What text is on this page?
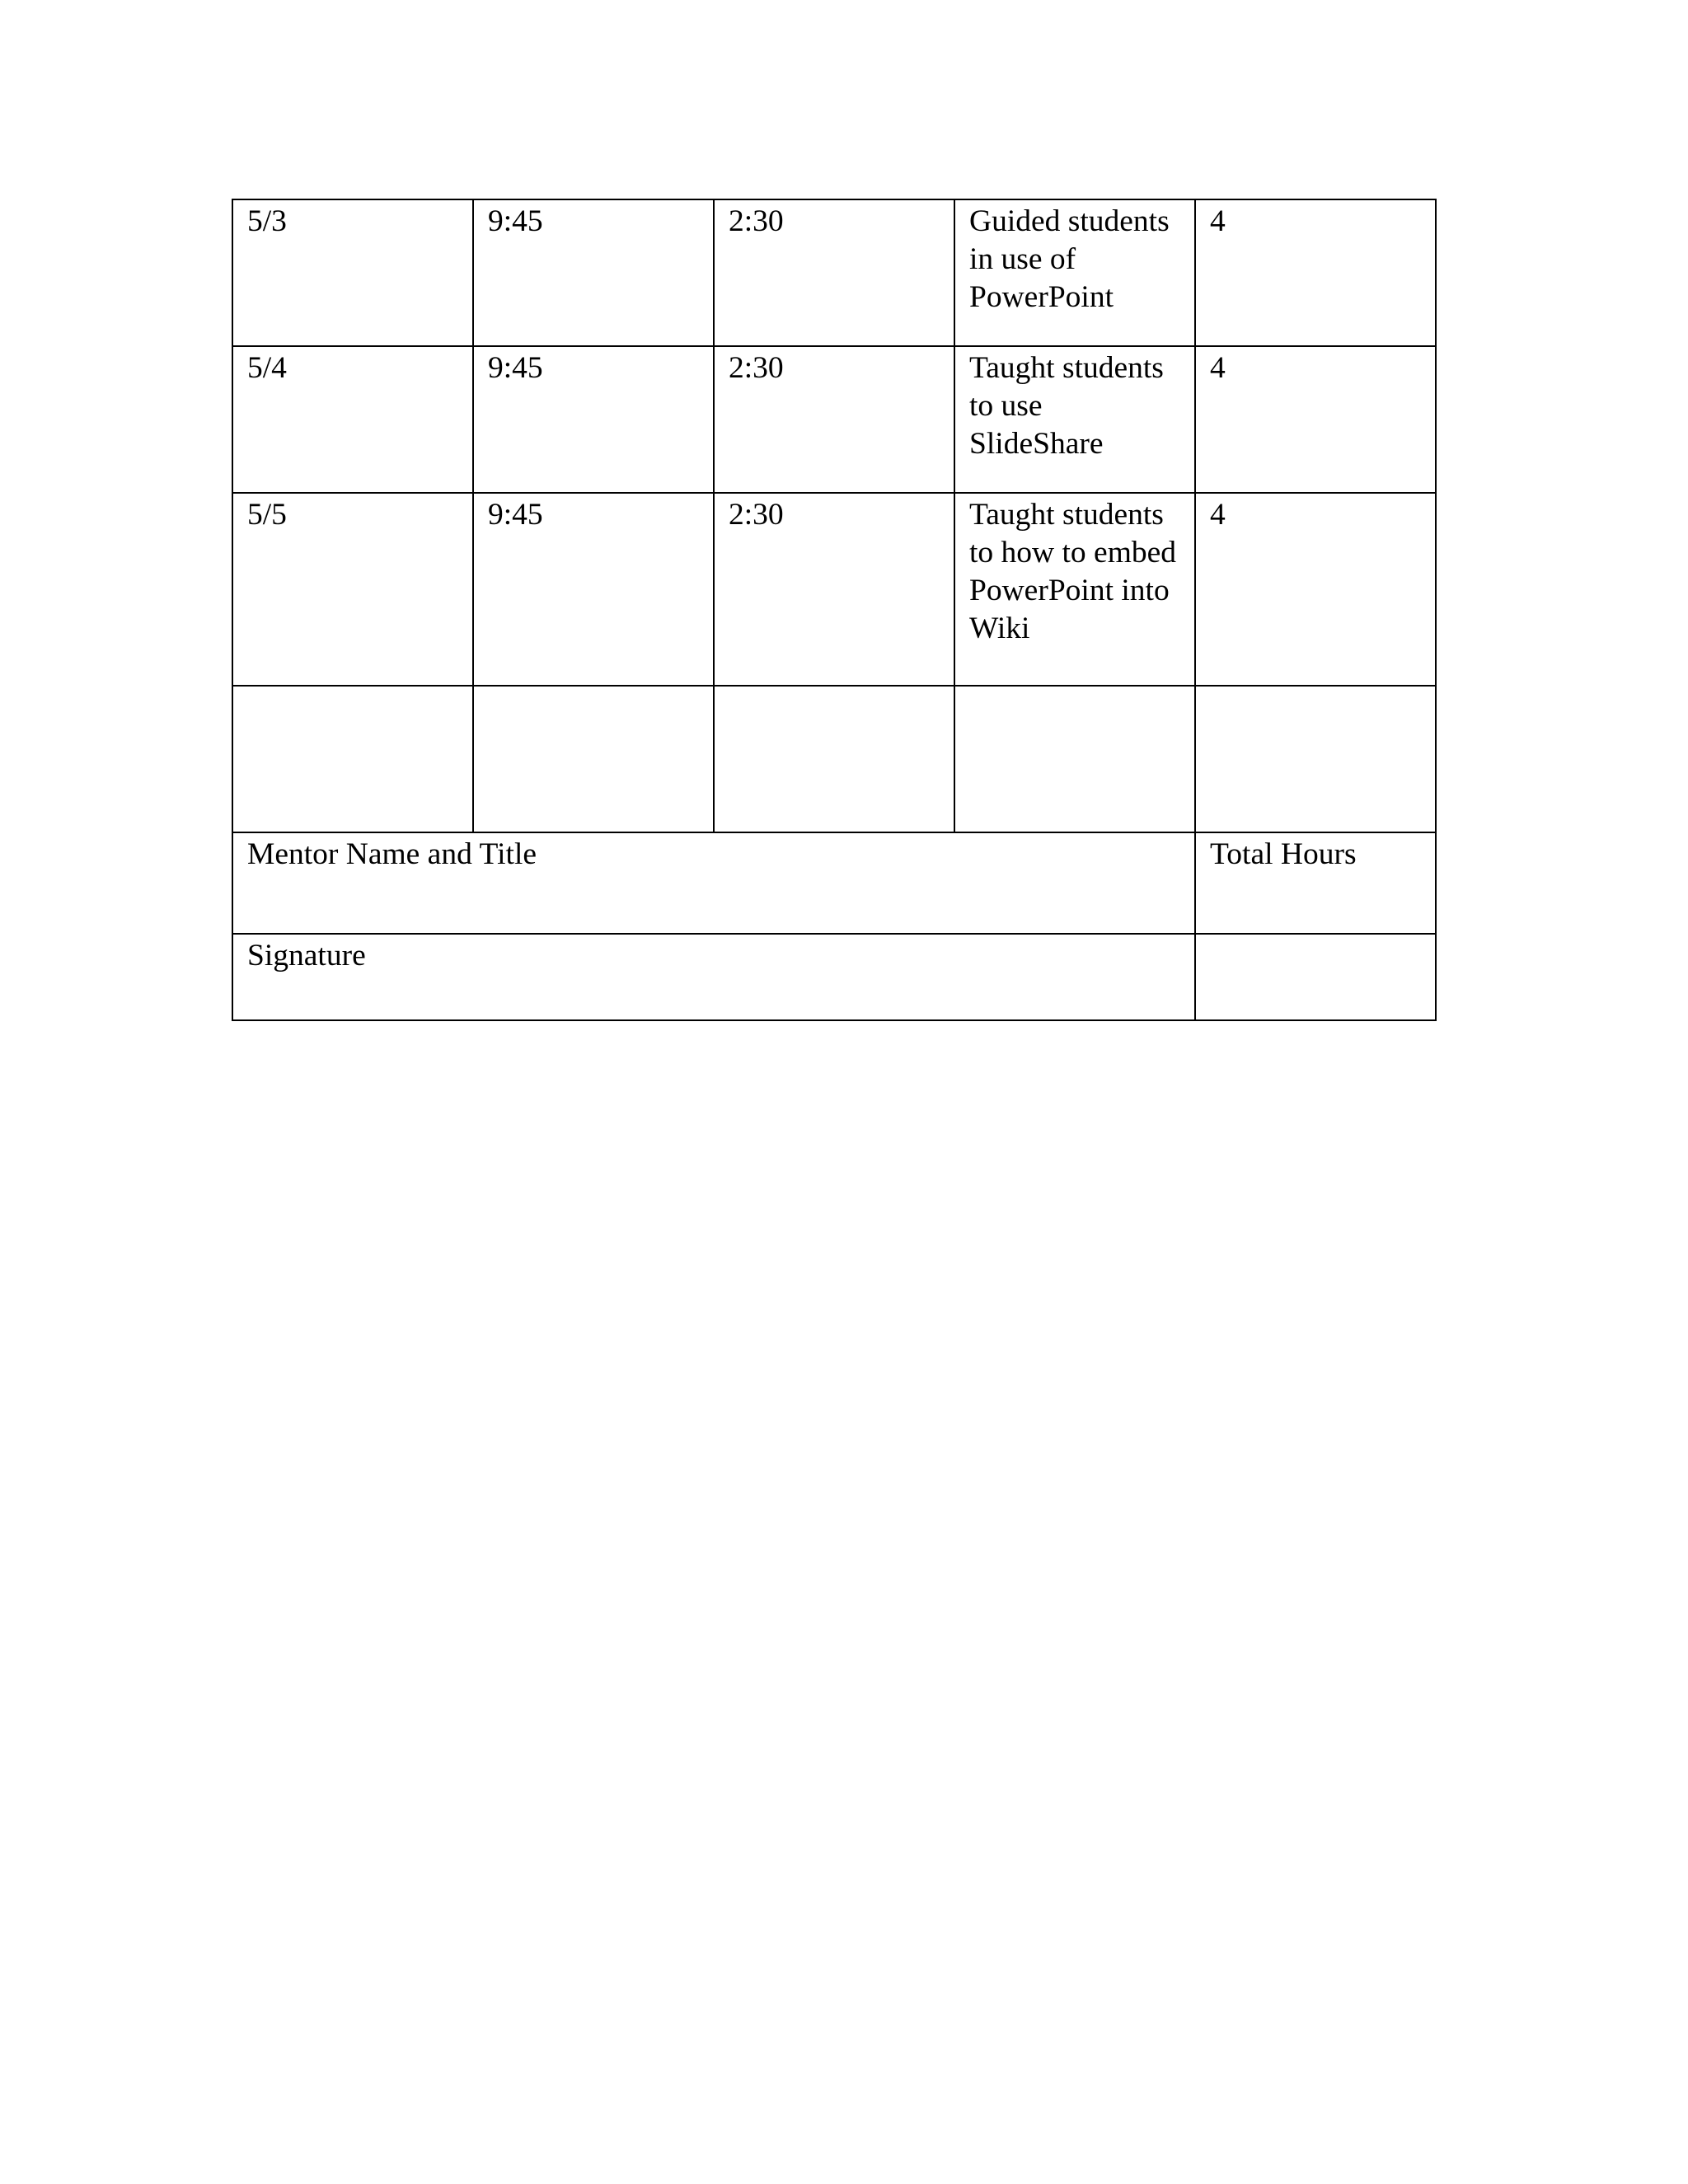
5/3	9:45	2:30	Guided students in use of PowerPoint	4
5/4	9:45	2:30	Taught students to use SlideShare	4
5/5	9:45	2:30	Taught students to how to embed PowerPoint into Wiki	4

Mentor Name and Title				Total Hours
Signature				
